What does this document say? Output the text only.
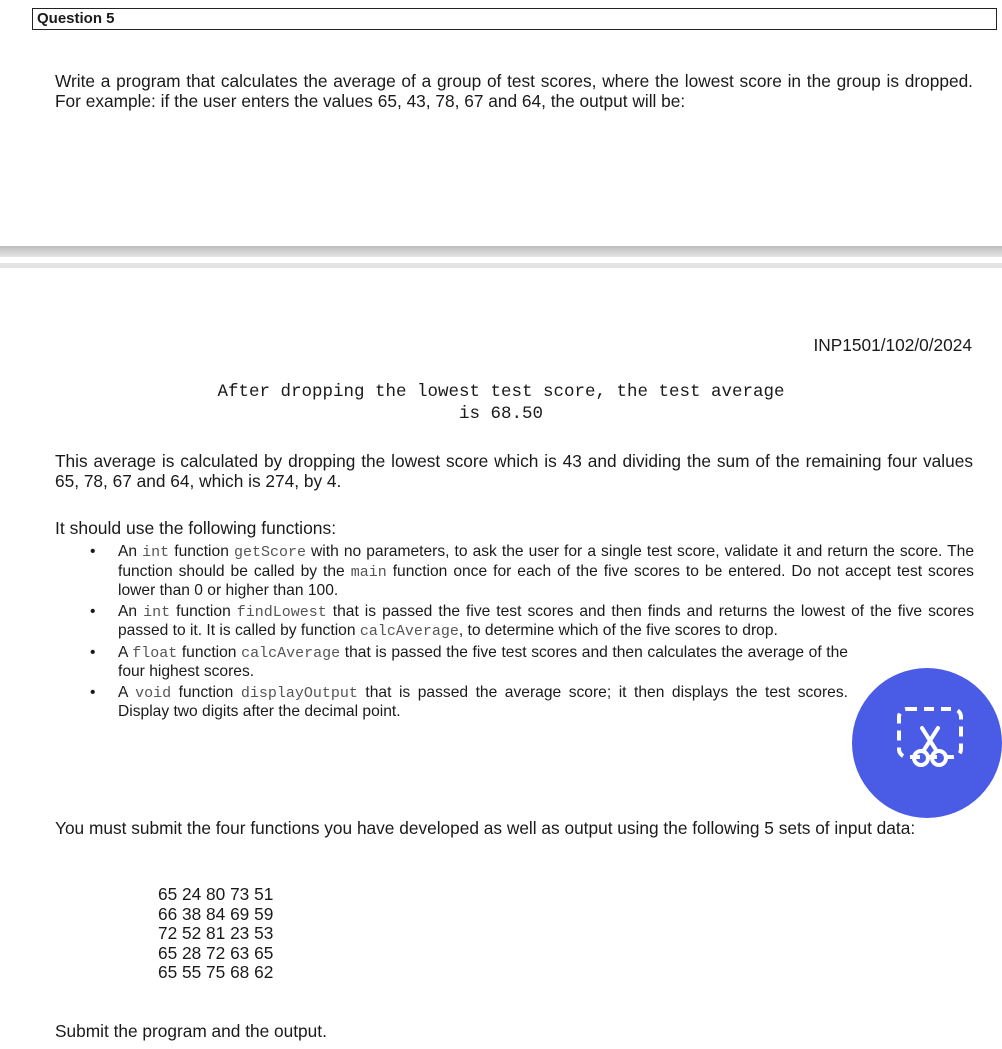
Question 5
Write a program that calculates the average of a group of test scores, where the lowest score in the group is dropped. For example: if the user enters the values 65, 43, 78, 67 and 64, the output will be:
INP1501/102/0/2024
After dropping the lowest test score, the test average
is 68.50
This average is calculated by dropping the lowest score which is 43 and dividing the sum of the remaining four values 65, 78, 67 and 64, which is 274, by 4.
It should use the following functions:
• An int function getScore with no parameters, to ask the user for a single test score, validate it and return the score. The function should be called by the main function once for each of the five scores to be entered. Do not accept test scores lower than 0 or higher than 100.
• An int function findLowest that is passed the five test scores and then finds and returns the lowest of the five scores passed to it. It is called by function calcAverage, to determine which of the five scores to drop.
• A float function calcAverage that is passed the five test scores and then calculates the average of the four highest scores.
• A void function displayOutput that is passed the average score; it then displays the test scores. Display two digits after the decimal point.
You must submit the four functions you have developed as well as output using the following 5 sets of input data:
65 24 80 73 51
66 38 84 69 59
72 52 81 23 53
65 28 72 63 65
65 55 75 68 62
Submit the program and the output.
